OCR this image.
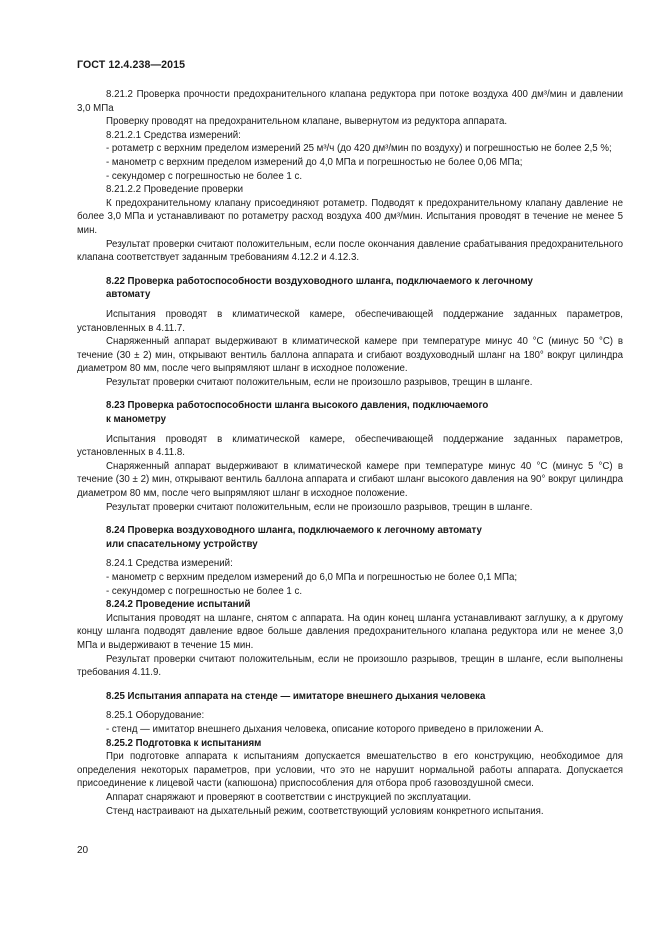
ГОСТ 12.4.238—2015

8.21.2 Проверка прочности предохранительного клапана редуктора при потоке воздуха 400 дм³/мин и давлении 3,0 МПа

Проверку проводят на предохранительном клапане, вывернутом из редуктора аппарата.

8.21.2.1 Средства измерений:

- ротаметр с верхним пределом измерений 25 м³/ч (до 420 дм³/мин по воздуху) и погрешностью не более 2,5 %;

- манометр с верхним пределом измерений до 4,0 МПа и погрешностью не более 0,06 МПа;

- секундомер с погрешностью не более 1 с.

8.21.2.2 Проведение проверки

К предохранительному клапану присоединяют ротаметр. Подводят к предохранительному клапану давление не более 3,0 МПа и устанавливают по ротаметру расход воздуха 400 дм³/мин. Испытания проводят в течение не менее 5 мин.

Результат проверки считают положительным, если после окончания давление срабатывания предохранительного клапана соответствует заданным требованиям 4.12.2 и 4.12.3.

8.22 Проверка работоспособности воздуховодного шланга, подключаемого к легочному
автомату

Испытания проводят в климатической камере, обеспечивающей поддержание заданных параметров, установленных в 4.11.7.

Снаряженный аппарат выдерживают в климатической камере при температуре минус 40 °С (минус 50 °С) в течение (30 ± 2) мин, открывают вентиль баллона аппарата и сгибают воздуховодный шланг на 180° вокруг цилиндра диаметром 80 мм, после чего выпрямляют шланг в исходное положение.

Результат проверки считают положительным, если не произошло разрывов, трещин в шланге.

8.23 Проверка работоспособности шланга высокого давления, подключаемого
к манометру

Испытания проводят в климатической камере, обеспечивающей поддержание заданных параметров, установленных в 4.11.8.

Снаряженный аппарат выдерживают в климатической камере при температуре минус 40 °С (минус 5 °С) в течение (30 ± 2) мин, открывают вентиль баллона аппарата и сгибают шланг высокого давления на 90° вокруг цилиндра диаметром 80 мм, после чего выпрямляют шланг в исходное положение.

Результат проверки считают положительным, если не произошло разрывов, трещин в шланге.

8.24 Проверка воздуховодного шланга, подключаемого к легочному автомату
или спасательному устройству

8.24.1 Средства измерений:

- манометр с верхним пределом измерений до 6,0 МПа и погрешностью не более 0,1 МПа;

- секундомер с погрешностью не более 1 с.

8.24.2 Проведение испытаний

Испытания проводят на шланге, снятом с аппарата. На один конец шланга устанавливают заглушку, а к другому концу шланга подводят давление вдвое больше давления предохранительного клапана редуктора или не менее 3,0 МПа и выдерживают в течение 15 мин.

Результат проверки считают положительным, если не произошло разрывов, трещин в шланге, если выполнены требования 4.11.9.

8.25 Испытания аппарата на стенде — имитаторе внешнего дыхания человека

8.25.1 Оборудование:

- стенд — имитатор внешнего дыхания человека, описание которого приведено в приложении А.

8.25.2 Подготовка к испытаниям

При подготовке аппарата к испытаниям допускается вмешательство в его конструкцию, необходимое для определения некоторых параметров, при условии, что это не нарушит нормальной работы аппарата. Допускается присоединение к лицевой части (капюшона) приспособления для отбора проб газовоздушной смеси.

Аппарат снаряжают и проверяют в соответствии с инструкцией по эксплуатации.

Стенд настраивают на дыхательный режим, соответствующий условиям конкретного испытания.

20
